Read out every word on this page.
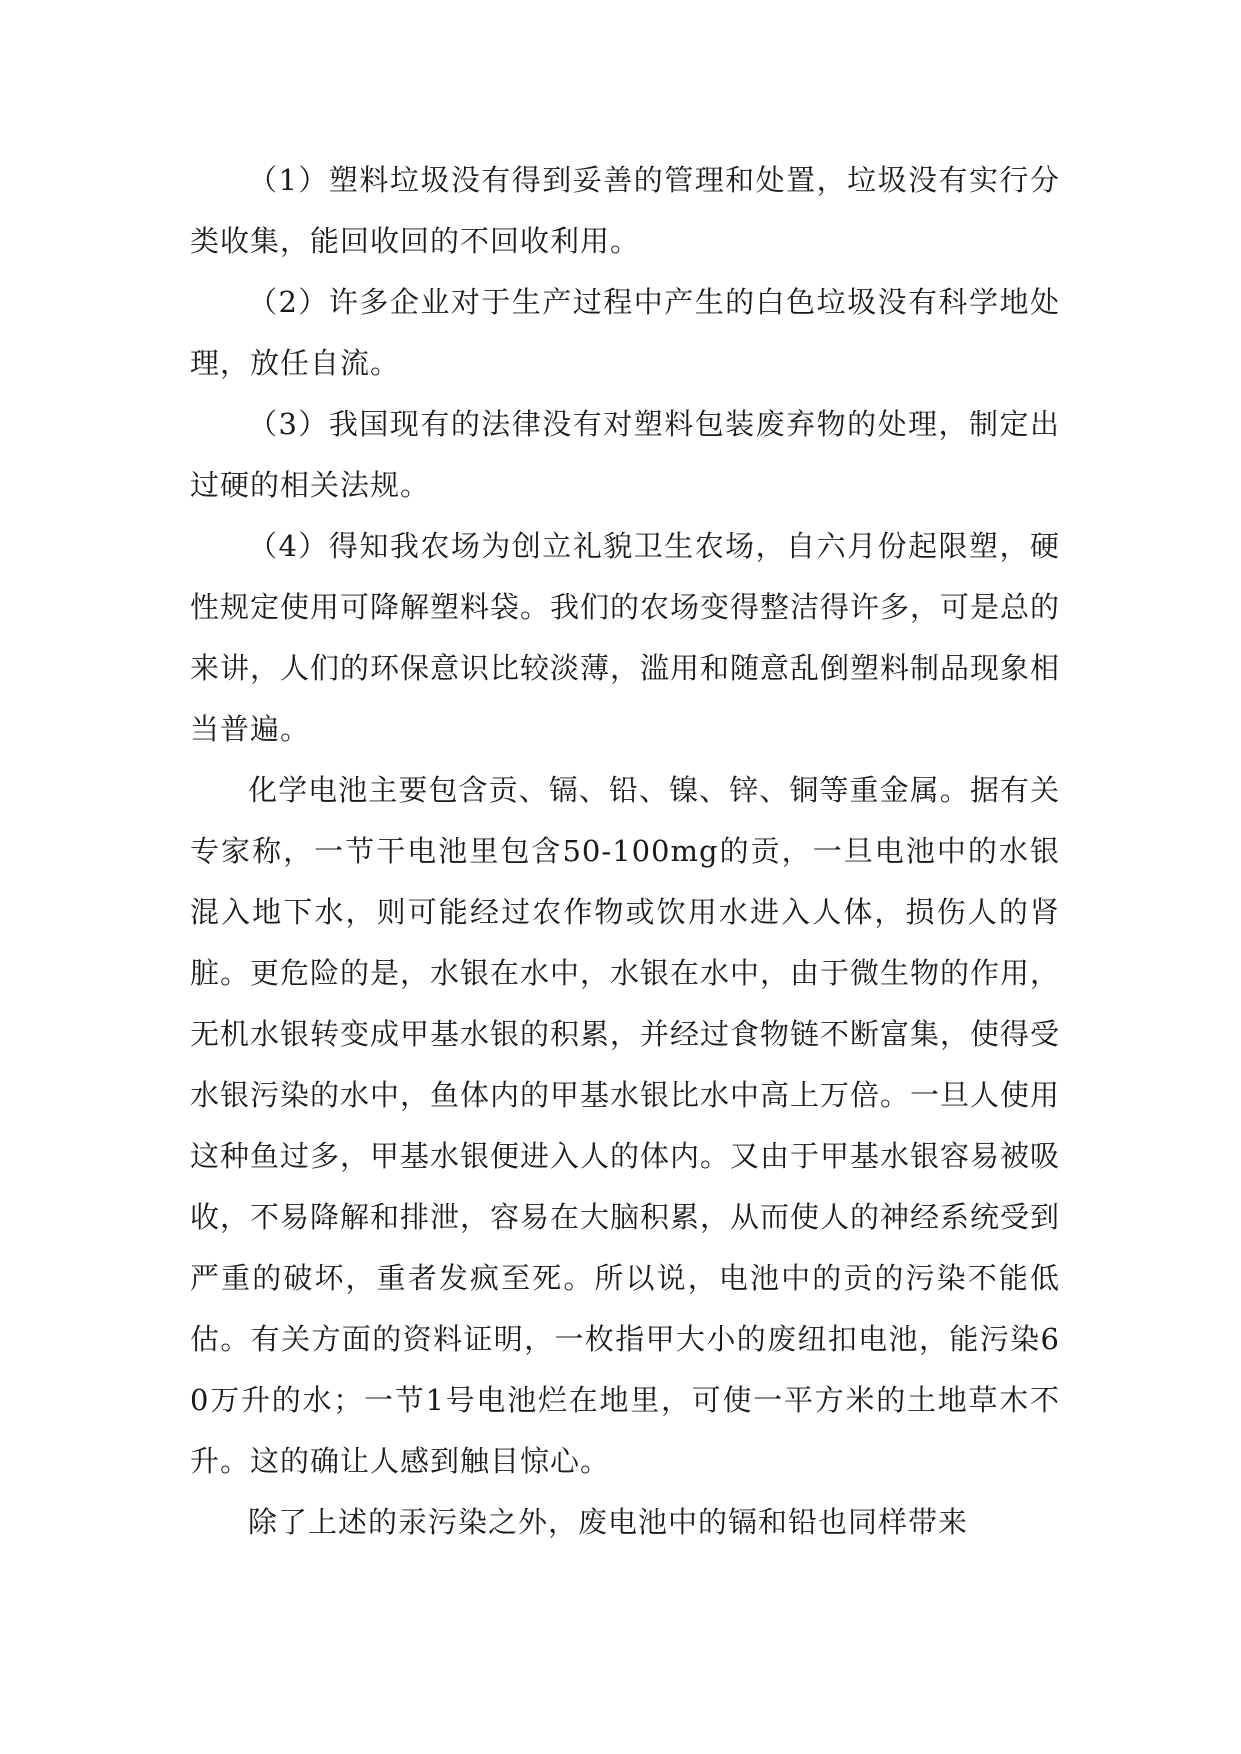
（1）塑料垃圾没有得到妥善的管理和处置，垃圾没有实行分类收集，能回收回的不回收利用。

（2）许多企业对于生产过程中产生的白色垃圾没有科学地处理，放任自流。

（3）我国现有的法律没有对塑料包装废弃物的处理，制定出过硬的相关法规。

（4）得知我农场为创立礼貌卫生农场，自六月份起限塑，硬性规定使用可降解塑料袋。我们的农场变得整洁得许多，可是总的来讲，人们的环保意识比较淡薄，滥用和随意乱倒塑料制品现象相当普遍。

化学电池主要包含贡、镉、铅、镍、锌、铜等重金属。据有关专家称，一节干电池里包含50-100mg的贡，一旦电池中的水银混入地下水，则可能经过农作物或饮用水进入人体，损伤人的肾脏。更危险的是，水银在水中，水银在水中，由于微生物的作用，无机水银转变成甲基水银的积累，并经过食物链不断富集，使得受水银污染的水中，鱼体内的甲基水银比水中高上万倍。一旦人使用这种鱼过多，甲基水银便进入人的体内。又由于甲基水银容易被吸收，不易降解和排泄，容易在大脑积累，从而使人的神经系统受到严重的破坏，重者发疯至死。所以说，电池中的贡的污染不能低估。有关方面的资料证明，一枚指甲大小的废纽扣电池，能污染60万升的水；一节1号电池烂在地里，可使一平方米的土地草木不升。这的确让人感到触目惊心。

除了上述的汞污染之外，废电池中的镉和铅也同样带来
